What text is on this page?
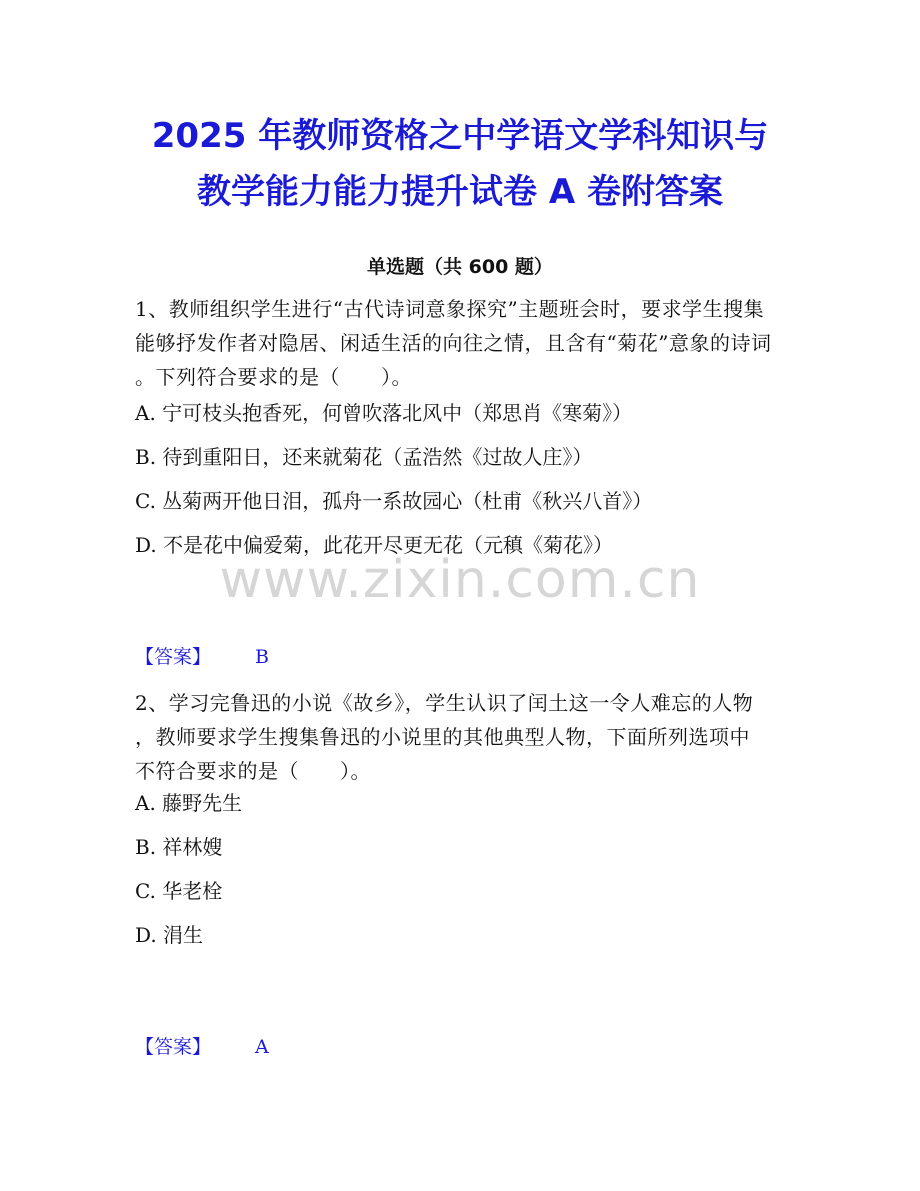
2025 年教师资格之中学语文学科知识与
教学能力能力提升试卷 A 卷附答案
单选题（共 600 题）
1、教师组织学生进行“古代诗词意象探究”主题班会时，要求学生搜集
能够抒发作者对隐居、闲适生活的向往之情，且含有“菊花”意象的诗词
。下列符合要求的是（　　）。
A. 宁可枝头抱香死，何曾吹落北风中（郑思肖《寒菊》）
B. 待到重阳日，还来就菊花（孟浩然《过故人庄》）
C. 丛菊两开他日泪，孤舟一系故园心（杜甫《秋兴八首》）
D. 不是花中偏爱菊，此花开尽更无花（元稹《菊花》）
www.zixin.com.cn
【答案】 B
2、学习完鲁迅的小说《故乡》，学生认识了闰土这一令人难忘的人物
，教师要求学生搜集鲁迅的小说里的其他典型人物，下面所列选项中
不符合要求的是（　　）。
A. 藤野先生
B. 祥林嫂
C. 华老栓
D. 涓生
【答案】 A
